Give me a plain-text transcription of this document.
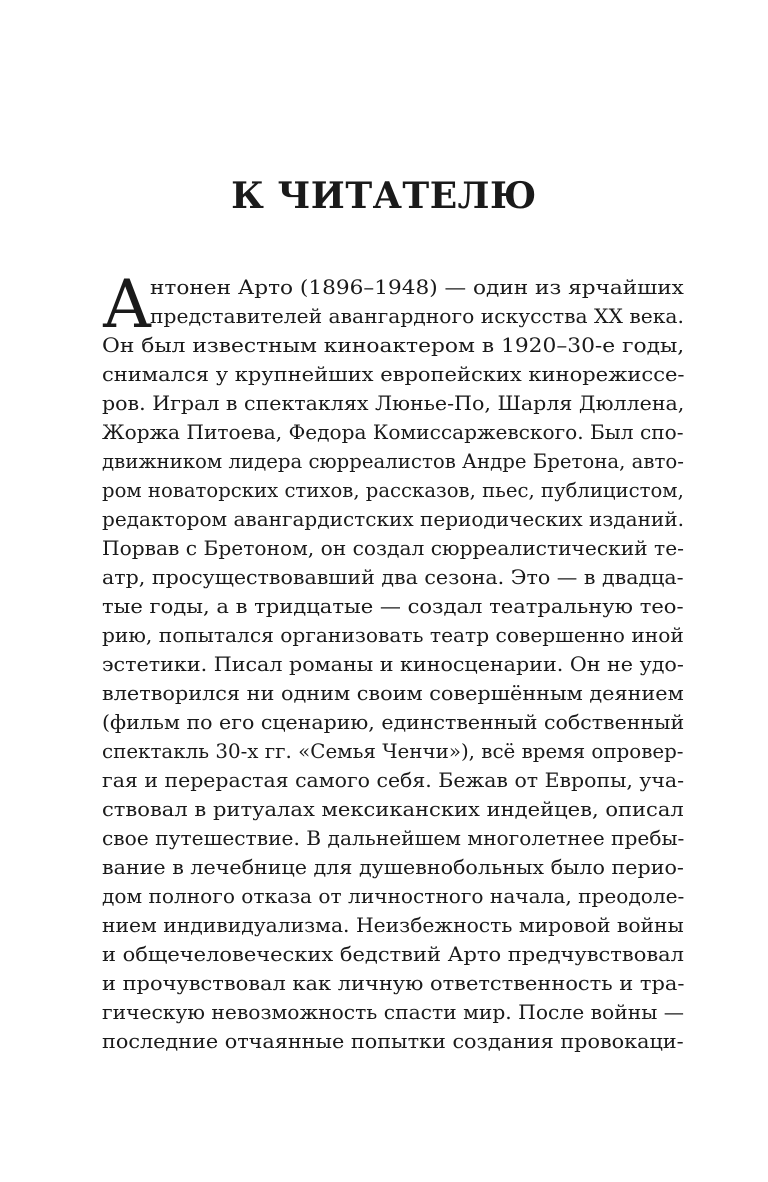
К ЧИТАТЕЛЮ
А
нтонен Арто (1896–1948) — один из ярчайших
представителей авангардного искусства XX века.
Он был известным киноактером в 1920–30-е годы,
снимался у крупнейших европейских кинорежиссе-
ров. Играл в спектаклях Люнье-По, Шарля Дюллена,
Жоржа Питоева, Федора Комиссаржевского. Был спо-
движником лидера сюрреалистов Андре Бретона, авто-
ром новаторских стихов, рассказов, пьес, публицистом,
редактором авангардистских периодических изданий.
Порвав с Бретоном, он создал сюрреалистический те-
атр, просуществовавший два сезона. Это — в двадца-
тые годы, а в тридцатые — создал театральную тео-
рию, попытался организовать театр совершенно иной
эстетики. Писал романы и киносценарии. Он не удо-
влетворился ни одним своим совершённым деянием
(фильм по его сценарию, единственный собственный
спектакль 30-х гг. «Семья Ченчи»), всё время опровер-
гая и перерастая самого себя. Бежав от Европы, уча-
ствовал в ритуалах мексиканских индейцев, описал
свое путешествие. В дальнейшем многолетнее пребы-
вание в лечебнице для душевнобольных было перио-
дом полного отказа от личностного начала, преодоле-
нием индивидуализма. Неизбежность мировой войны
и общечеловеческих бедствий Арто предчувствовал
и прочувствовал как личную ответственность и тра-
гическую невозможность спасти мир. После войны —
последние отчаянные попытки создания провокаци-
